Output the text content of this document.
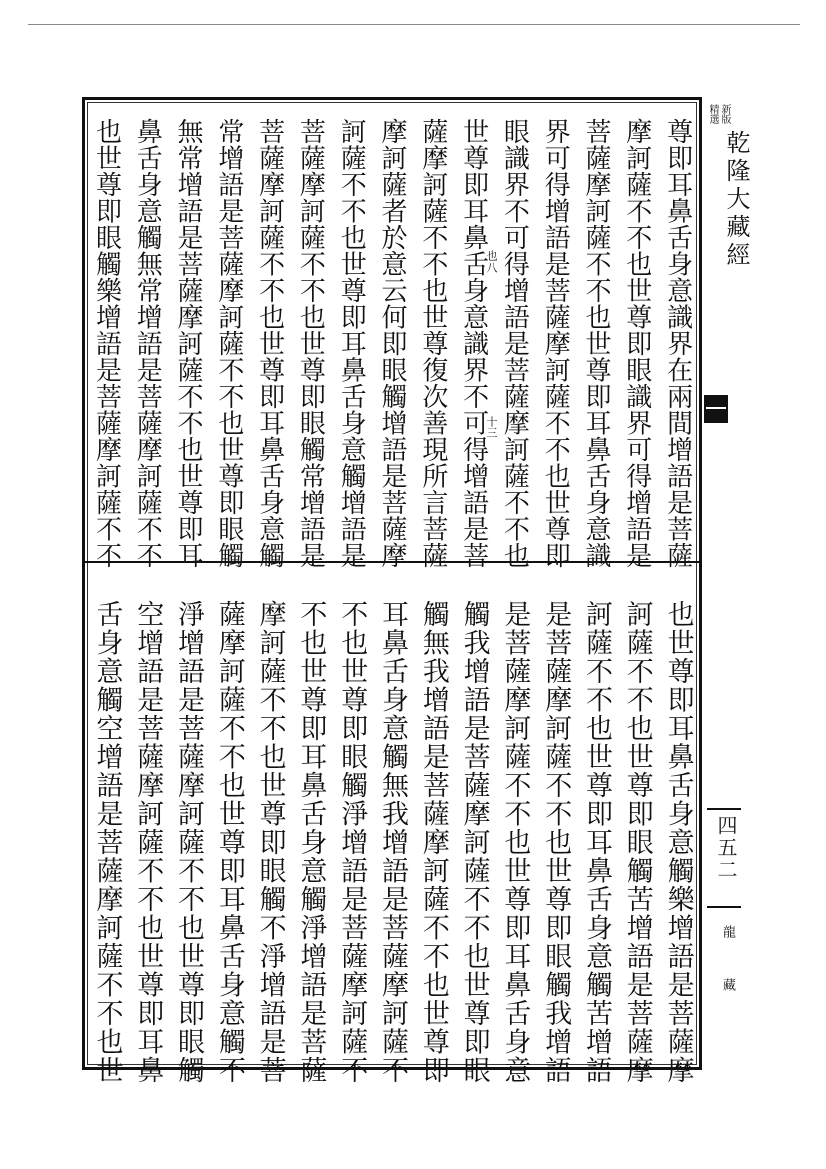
尊即耳鼻舌身意識界在兩間增語是菩薩
摩訶薩不不也世尊即眼識界可得增語是
菩薩摩訶薩不不也世尊即耳鼻舌身意識
界可得增語是菩薩摩訶薩不不也世尊即
眼識界不可得增語是菩薩摩訶薩不不也
世尊即耳鼻舌身意識界不可得增語是菩
薩摩訶薩不不也世尊復次善現所言菩薩
摩訶薩者於意云何即眼觸增語是菩薩摩
訶薩不不也世尊即耳鼻舌身意觸增語是
菩薩摩訶薩不不也世尊即眼觸常增語是
菩薩摩訶薩不不也世尊即耳鼻舌身意觸
常增語是菩薩摩訶薩不不也世尊即眼觸
無常增語是菩薩摩訶薩不不也世尊即耳
鼻舌身意觸無常增語是菩薩摩訶薩不不
也世尊即眼觸樂增語是菩薩摩訶薩不不	也八
十三
也世尊即耳鼻舌身意觸樂增語是菩薩摩
訶薩不不也世尊即眼觸苦增語是菩薩摩
訶薩不不也世尊即耳鼻舌身意觸苦增語
是菩薩摩訶薩不不也世尊即眼觸我增語
是菩薩摩訶薩不不也世尊即耳鼻舌身意
觸我增語是菩薩摩訶薩不不也世尊即眼
觸無我增語是菩薩摩訶薩不不也世尊即
耳鼻舌身意觸無我增語是菩薩摩訶薩不
不也世尊即眼觸淨增語是菩薩摩訶薩不
不也世尊即耳鼻舌身意觸淨增語是菩薩
摩訶薩不不也世尊即眼觸不淨增語是菩
薩摩訶薩不不也世尊即耳鼻舌身意觸不
淨增語是菩薩摩訶薩不不也世尊即眼觸
空增語是菩薩摩訶薩不不也世尊即耳鼻
舌身意觸空增語是菩薩摩訶薩不不也世
精選 新版
乾隆大藏經
四五二
龍 藏
